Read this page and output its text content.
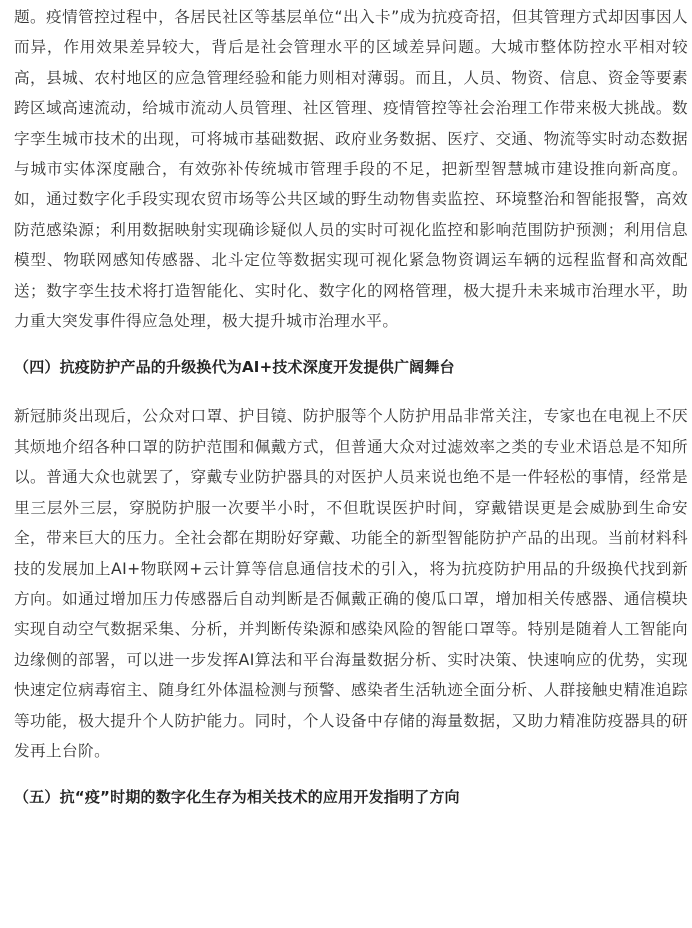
题。疫情管控过程中，各居民社区等基层单位“出入卡”成为抗疫奇招，但其管理方式却因事因人而异，作用效果差异较大，背后是社会管理水平的区域差异问题。大城市整体防控水平相对较高，县城、农村地区的应急管理经验和能力则相对薄弱。而且，人员、物资、信息、资金等要素跨区域高速流动，给城市流动人员管理、社区管理、疫情管控等社会治理工作带来极大挑战。数字孪生城市技术的出现，可将城市基础数据、政府业务数据、医疗、交通、物流等实时动态数据与城市实体深度融合，有效弥补传统城市管理手段的不足，把新型智慧城市建设推向新高度。如，通过数字化手段实现农贸市场等公共区域的野生动物售卖监控、环境整治和智能报警，高效防范感染源；利用数据映射实现确诊疑似人员的实时可视化监控和影响范围防护预测；利用信息模型、物联网感知传感器、北斗定位等数据实现可视化紧急物资调运车辆的远程监督和高效配送；数字孪生技术将打造智能化、实时化、数字化的网格管理，极大提升未来城市治理水平，助力重大突发事件得应急处理，极大提升城市治理水平。

（四）抗疫防护产品的升级换代为AI+技术深度开发提供广阔舞台

新冠肺炎出现后，公众对口罩、护目镜、防护服等个人防护用品非常关注，专家也在电视上不厌其烦地介绍各种口罩的防护范围和佩戴方式，但普通大众对过滤效率之类的专业术语总是不知所以。普通大众也就罢了，穿戴专业防护器具的对医护人员来说也绝不是一件轻松的事情，经常是里三层外三层，穿脱防护服一次要半小时，不但耽误医护时间，穿戴错误更是会威胁到生命安全，带来巨大的压力。全社会都在期盼好穿戴、功能全的新型智能防护产品的出现。当前材料科技的发展加上AI+物联网+云计算等信息通信技术的引入，将为抗疫防护用品的升级换代找到新方向。如通过增加压力传感器后自动判断是否佩戴正确的傻瓜口罩，增加相关传感器、通信模块实现自动空气数据采集、分析，并判断传染源和感染风险的智能口罩等。特别是随着人工智能向边缘侧的部署，可以进一步发挥AI算法和平台海量数据分析、实时决策、快速响应的优势，实现快速定位病毒宿主、随身红外体温检测与预警、感染者生活轨迹全面分析、人群接触史精准追踪等功能，极大提升个人防护能力。同时，个人设备中存储的海量数据，又助力精准防疫器具的研发再上台阶。

（五）抗“疫”时期的数字化生存为相关技术的应用开发指明了方向
